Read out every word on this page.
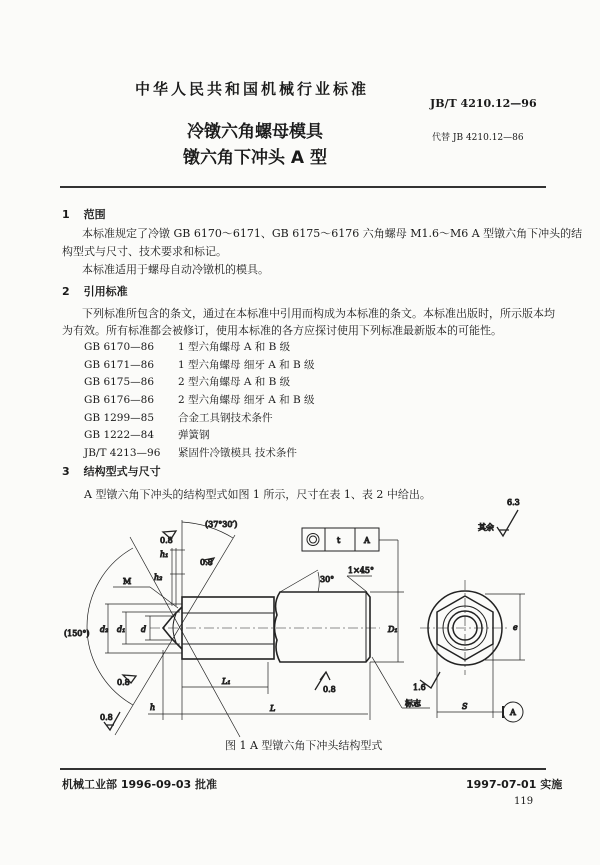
中华人民共和国机械行业标准
JB/T 4210.12—96
冷镦六角螺母模具
镦六角下冲头 A 型
代替 JB 4210.12—86
1 范围
本标准规定了冷镦 GB 6170～6171、GB 6175～6176 六角螺母 M1.6～M6 A 型镦六角下冲头的结
构型式与尺寸、技术要求和标记。
本标准适用于螺母自动冷镦机的模具。
2 引用标准
下列标准所包含的条文，通过在本标准中引用而构成为本标准的条文。本标准出版时，所示版本均
为有效。所有标准都会被修订，使用本标准的各方应探讨使用下列标准最新版本的可能性。
GB 6170—86 1 型六角螺母 A 和 B 级
GB 6171—86 1 型六角螺母 细牙 A 和 B 级
GB 6175—86 2 型六角螺母 A 和 B 级
GB 6176—86 2 型六角螺母 细牙 A 和 B 级
GB 1299—85 合金工具钢技术条件
GB 1222—84 弹簧钢
JB/T 4213—96 紧固件冷镦模具 技术条件
3 结构型式与尺寸
A 型镦六角下冲头的结构型式如图 1 所示，尺寸在表 1、表 2 中给出。
6.3
其余
(37°30′)
(150°)
30°
1×45°
M
h₁
h₂
h
d₂ d₁ d
L₁
L
D₁
S
e
标志
A
t	A
0.8
0.8
0.8
0.8
0.8
1.6
图 1 A 型镦六角下冲头结构型式
机械工业部 1996-09-03 批准	1997-07-01 实施
119
